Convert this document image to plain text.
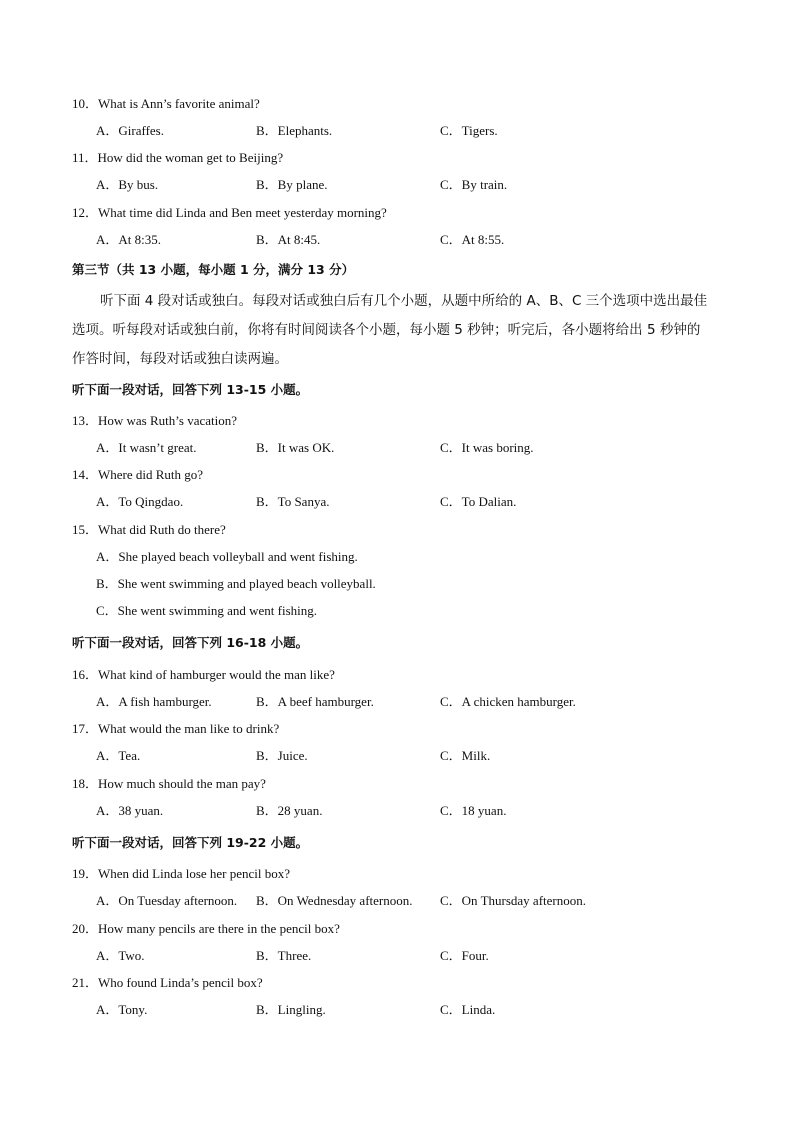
10．What is Ann’s favorite animal?
A．Giraffes.	B．Elephants.	C．Tigers.
11．How did the woman get to Beijing?
A．By bus.	B．By plane.	C．By train.
12．What time did Linda and Ben meet yesterday morning?
A．At 8:35.	B．At 8:45.	C．At 8:55.
第三节（共 13 小题，每小题 1 分，满分 13 分）
听下面 4 段对话或独白。每段对话或独白后有几个小题，从题中所给的 A、B、C 三个选项中选出最佳
选项。听每段对话或独白前，你将有时间阅读各个小题，每小题 5 秒钟；听完后，各小题将给出 5 秒钟的
作答时间，每段对话或独白读两遍。
听下面一段对话，回答下列 13-15 小题。
13．How was Ruth’s vacation?
A．It wasn’t great.	B．It was OK.	C．It was boring.
14．Where did Ruth go?
A．To Qingdao.	B．To Sanya.	C．To Dalian.
15．What did Ruth do there?
A．She played beach volleyball and went fishing.
B．She went swimming and played beach volleyball.
C．She went swimming and went fishing.
听下面一段对话，回答下列 16-18 小题。
16．What kind of hamburger would the man like?
A．A fish hamburger.	B．A beef hamburger.	C．A chicken hamburger.
17．What would the man like to drink?
A．Tea.	B．Juice.	C．Milk.
18．How much should the man pay?
A．38 yuan.	B．28 yuan.	C．18 yuan.
听下面一段对话，回答下列 19-22 小题。
19．When did Linda lose her pencil box?
A．On Tuesday afternoon. B．On Wednesday afternoon. C．On Thursday afternoon.
20．How many pencils are there in the pencil box?
A．Two.	B．Three.	C．Four.
21．Who found Linda’s pencil box?
A．Tony.	B．Lingling.	C．Linda.
